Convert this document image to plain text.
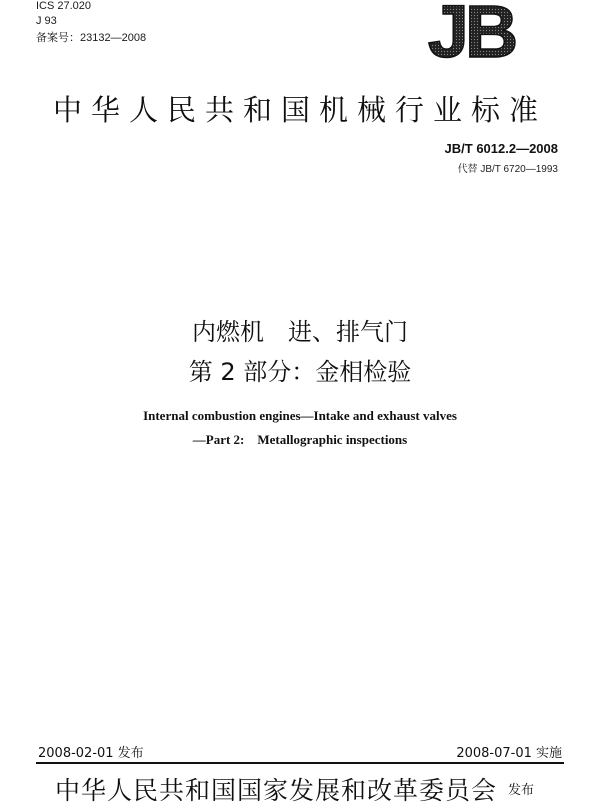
ICS 27.020
J 93
备案号：23132—2008	JB
中华人民共和国机械行业标准
JB/T 6012.2—2008
代替 JB/T 6720—1993
内燃机　进、排气门
第 2 部分：金相检验
Internal combustion engines—Intake and exhaust valves
—Part 2:　Metallographic inspections
2008-02-01 发布	2008-07-01 实施
中华人民共和国国家发展和改革委员会 发布
